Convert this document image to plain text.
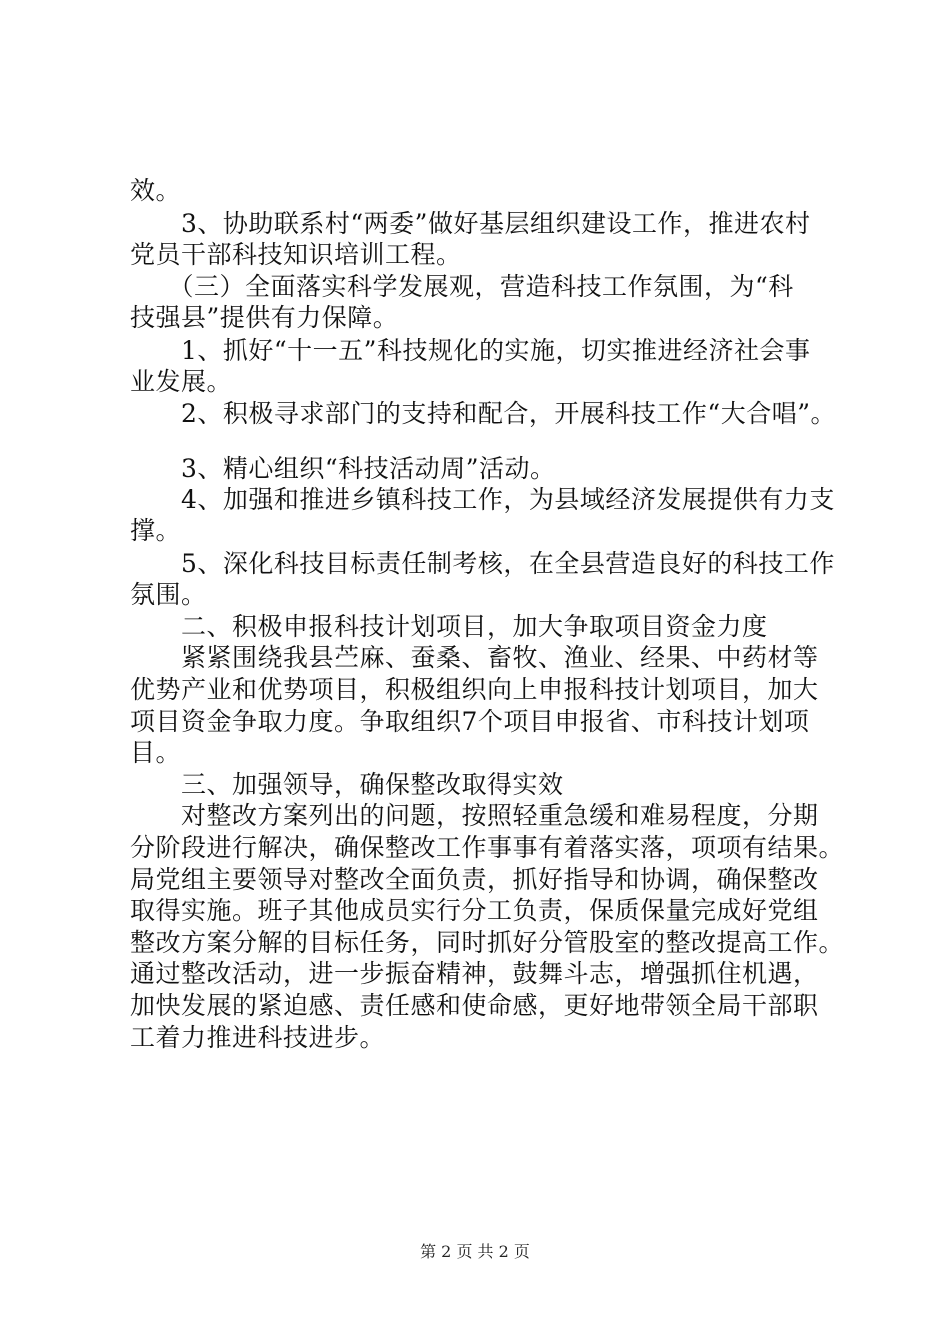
效。
　　3、协助联系村“两委”做好基层组织建设工作，推进农村
党员干部科技知识培训工程。
　　（三）全面落实科学发展观，营造科技工作氛围，为“科
技强县”提供有力保障。
　　1、抓好“十一五”科技规化的实施，切实推进经济社会事
业发展。
　　2、积极寻求部门的支持和配合，开展科技工作“大合唱”。
　　3、精心组织“科技活动周”活动。
　　4、加强和推进乡镇科技工作，为县域经济发展提供有力支
撑。
　　5、深化科技目标责任制考核，在全县营造良好的科技工作
氛围。
　　二、积极申报科技计划项目，加大争取项目资金力度
　　紧紧围绕我县苎麻、蚕桑、畜牧、渔业、经果、中药材等
优势产业和优势项目，积极组织向上申报科技计划项目，加大
项目资金争取力度。争取组织7个项目申报省、市科技计划项
目。
　　三、加强领导，确保整改取得实效
　　对整改方案列出的问题，按照轻重急缓和难易程度，分期
分阶段进行解决，确保整改工作事事有着落实落，项项有结果。
局党组主要领导对整改全面负责，抓好指导和协调，确保整改
取得实施。班子其他成员实行分工负责，保质保量完成好党组
整改方案分解的目标任务，同时抓好分管股室的整改提高工作。
通过整改活动，进一步振奋精神，鼓舞斗志，增强抓住机遇，
加快发展的紧迫感、责任感和使命感，更好地带领全局干部职
工着力推进科技进步。
第 2 页 共 2 页
